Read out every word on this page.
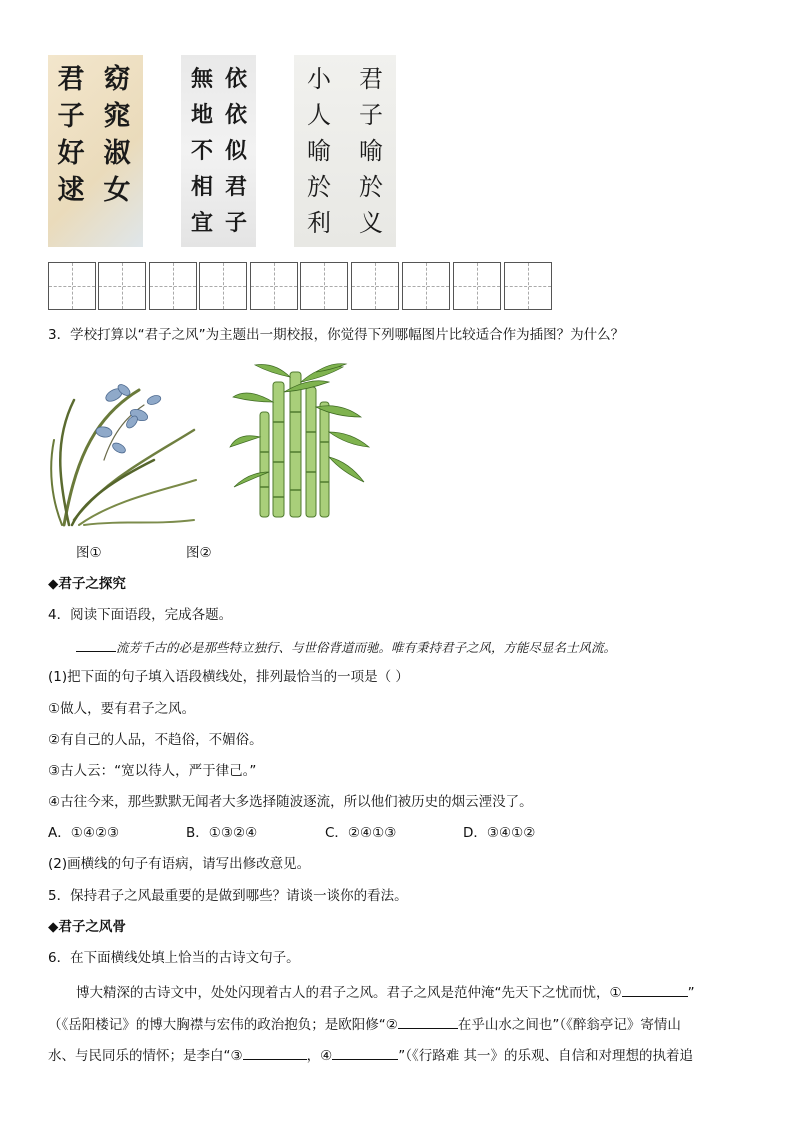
窈
窕
淑
女
君
子
好
逑
依
依
似
君
子
無
地
不
相
宜
君
子
喻
於
义
小
人
喻
於
利
3．学校打算以“君子之风”为主题出一期校报，你觉得下列哪幅图片比较适合作为插图？为什么？
图①	图②
◆君子之探究
4．阅读下面语段，完成各题。
流芳千古的必是那些特立独行、与世俗背道而驰。唯有秉持君子之风，方能尽显名士风流。
(1)把下面的句子填入语段横线处，排列最恰当的一项是（ ）
①做人，要有君子之风。
②有自己的人品，不趋俗，不媚俗。
③古人云：“宽以待人，严于律己。”
④古往今来，那些默默无闻者大多选择随波逐流，所以他们被历史的烟云湮没了。
A．①④②③	B．①③②④	C．②④①③	D．③④①②
(2)画横线的句子有语病，请写出修改意见。
5．保持君子之风最重要的是做到哪些？请谈一谈你的看法。
◆君子之风骨
6．在下面横线处填上恰当的古诗文句子。
博大精深的古诗文中，处处闪现着古人的君子之风。君子之风是范仲淹“先天下之忧而忧，①	”
（《岳阳楼记》的博大胸襟与宏伟的政治抱负；是欧阳修“②	在乎山水之间也”（《醉翁亭记》寄情山
水、与民同乐的情怀；是李白“③	，④	”（《行路难 其一》的乐观、自信和对理想的执着追
